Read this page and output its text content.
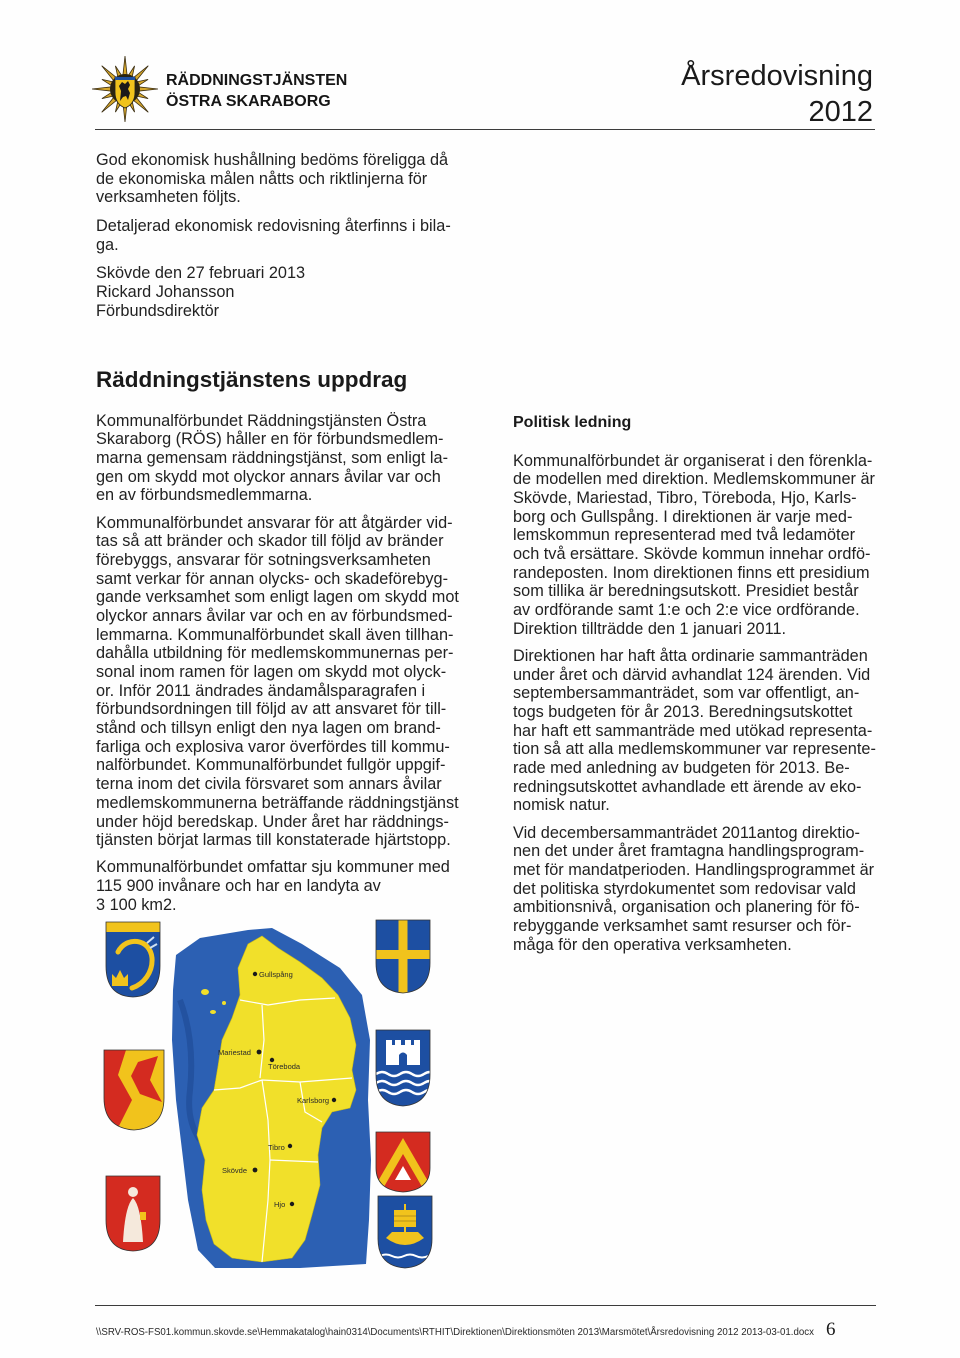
RÄDDNINGSTJÄNSTEN
ÖSTRA SKARABORG
Årsredovisning
2012
God ekonomisk hushållning bedöms föreligga då
de ekonomiska målen nåtts och riktlinjerna för
verksamheten följts.
Detaljerad ekonomisk redovisning återfinns i bila-
ga.
Skövde den 27 februari 2013
Rickard Johansson
Förbundsdirektör
Räddningstjänstens uppdrag
Kommunalförbundet Räddningstjänsten Östra
Skaraborg (RÖS) håller en för förbundsmedlem-
marna gemensam räddningstjänst, som enligt la-
gen om skydd mot olyckor annars åvilar var och
en av förbundsmedlemmarna.
Kommunalförbundet ansvarar för att åtgärder vid-
tas så att bränder och skador till följd av bränder
förebyggs, ansvarar för sotningsverksamheten
samt verkar för annan olycks- och skadeförebyg-
gande verksamhet som enligt lagen om skydd mot
olyckor annars åvilar var och en av förbundsmed-
lemmarna. Kommunalförbundet skall även tillhan-
dahålla utbildning för medlemskommunernas per-
sonal inom ramen för lagen om skydd mot olyck-
or. Inför 2011 ändrades ändamålsparagrafen i
förbundsordningen till följd av att ansvaret för till-
stånd och tillsyn enligt den nya lagen om brand-
farliga och explosiva varor överfördes till kommu-
nalförbundet. Kommunalförbundet fullgör uppgif-
terna inom det civila försvaret som annars åvilar
medlemskommunerna beträffande räddningstjänst
under höjd beredskap. Under året har räddnings-
tjänsten börjat larmas till konstaterade hjärtstopp.
Kommunalförbundet omfattar sju kommuner med
115 900 invånare och har en landyta av
3 100 km2.
Politisk ledning
Kommunalförbundet är organiserat i den förenkla-
de modellen med direktion. Medlemskommuner är
Skövde, Mariestad, Tibro, Töreboda, Hjo, Karls-
borg och Gullspång. I direktionen är varje med-
lemskommun representerad med två ledamöter
och två ersättare. Skövde kommun innehar ordfö-
randeposten. Inom direktionen finns ett presidium
som tillika är beredningsutskott. Presidiet består
av ordförande samt 1:e och 2:e vice ordförande.
Direktion tillträdde den 1 januari 2011.
Direktionen har haft åtta ordinarie sammanträden
under året och därvid avhandlat 124 ärenden. Vid
septembersammanträdet, som var offentligt, an-
togs budgeten för år 2013. Beredningsutskottet
har haft ett sammanträde med utökad representa-
tion så att alla medlemskommuner var represente-
rade med anledning av budgeten för 2013. Be-
redningsutskottet avhandlade ett ärende av eko-
nomisk natur.
Vid decembersammanträdet 2011antog direktio-
nen det under året framtagna handlingsprogram-
met för mandatperioden. Handlingsprogrammet är
det politiska styrdokumentet som redovisar vald
ambitionsnivå, organisation och planering för fö-
rebyggande verksamhet samt resurser och för-
måga för den operativa verksamheten.
Gullspång
Mariestad
Töreboda
Karlsborg
Tibro
Skövde
Hjo
\\SRV-ROS-FS01.kommun.skovde.se\Hemmakatalog\hain0314\Documents\RTHIT\Direktionen\Direktionsmöten 2013\Marsmötet\Årsredovisning 2012 2013-03-01.docx 6
